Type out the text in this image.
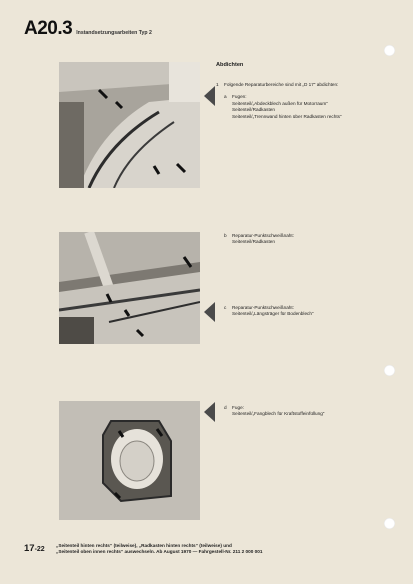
A20.3 Instandsetzungsarbeiten Typ 2
Abdichten
1	Folgende Reparaturbereiche sind mit „D 17“ abdichten:
a	Fugen:
Seitenteil/„Abdeckblech außen für Motorraum“
Seitenteil/Radkasten
Seitenteil/„Trennwand hinten über Radkasten rechts“
b	Reparatur-Punktschweißnaht:
Seitenteil/Radkasten
c	Reparatur-Punktschweißnaht:
Seitenteil/„Längsträger für Bodenblech“
d	Fuge:
Seitenteil/„Fangblech für Kraftstoffeinfüllung“
17-22
„Seitenteil hinten rechts“ (teilweise), „Radkasten hinten rechts“ (teilweise) und
„Seitenteil oben innen rechts“ auswechseln. Ab August 1970 — Fahrgestell-Nr. 211 2 000 001
